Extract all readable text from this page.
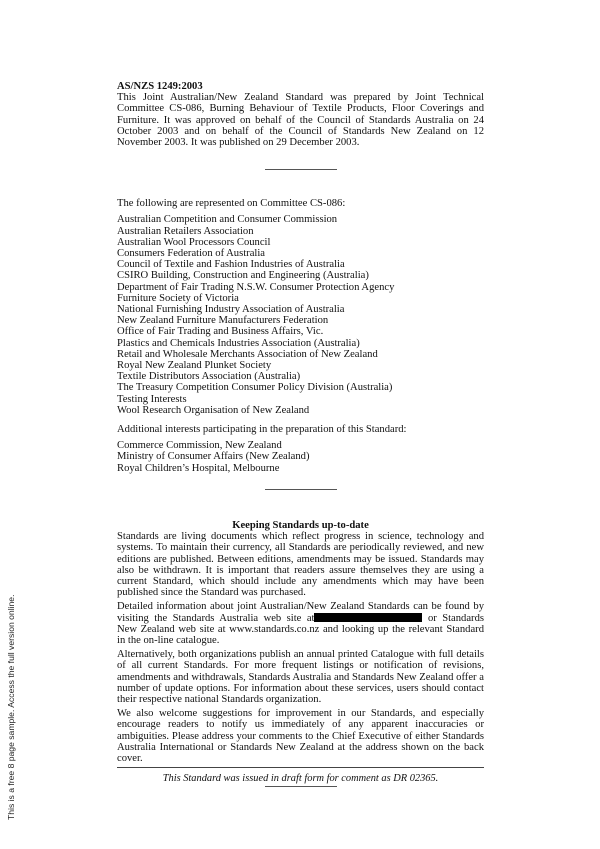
AS/NZS 1249:2003

This Joint Australian/New Zealand Standard was prepared by Joint Technical Committee CS-086, Burning Behaviour of Textile Products, Floor Coverings and Furniture. It was approved on behalf of the Council of Standards Australia on 24 October 2003 and on behalf of the Council of Standards New Zealand on 12 November 2003. It was published on 29 December 2003.

The following are represented on Committee CS-086:

Australian Competition and Consumer Commission
Australian Retailers Association
Australian Wool Processors Council
Consumers Federation of Australia
Council of Textile and Fashion Industries of Australia
CSIRO Building, Construction and Engineering (Australia)
Department of Fair Trading N.S.W. Consumer Protection Agency
Furniture Society of Victoria
National Furnishing Industry Association of Australia
New Zealand Furniture Manufacturers Federation
Office of Fair Trading and Business Affairs, Vic.
Plastics and Chemicals Industries Association (Australia)
Retail and Wholesale Merchants Association of New Zealand
Royal New Zealand Plunket Society
Textile Distributors Association (Australia)
The Treasury Competition Consumer Policy Division (Australia)
Testing Interests
Wool Research Organisation of New Zealand

Additional interests participating in the preparation of this Standard:

Commerce Commission, New Zealand
Ministry of Consumer Affairs (New Zealand)
Royal Children’s Hospital, Melbourne

Keeping Standards up-to-date

Standards are living documents which reflect progress in science, technology and systems. To maintain their currency, all Standards are periodically reviewed, and new editions are published. Between editions, amendments may be issued. Standards may also be withdrawn. It is important that readers assure themselves they are using a current Standard, which should include any amendments which may have been published since the Standard was purchased.

Detailed information about joint Australian/New Zealand Standards can be found by visiting the Standards Australia web site at	or Standards New Zealand web site at www.standards.co.nz and looking up the relevant Standard in the on-line catalogue.

Alternatively, both organizations publish an annual printed Catalogue with full details of all current Standards. For more frequent listings or notification of revisions, amendments and withdrawals, Standards Australia and Standards New Zealand offer a number of update options. For information about these services, users should contact their respective national Standards organization.

We also welcome suggestions for improvement in our Standards, and especially encourage readers to notify us immediately of any apparent inaccuracies or ambiguities. Please address your comments to the Chief Executive of either Standards Australia International or Standards New Zealand at the address shown on the back cover.

This Standard was issued in draft form for comment as DR 02365.
This is a free 8 page sample. Access the full version online.
